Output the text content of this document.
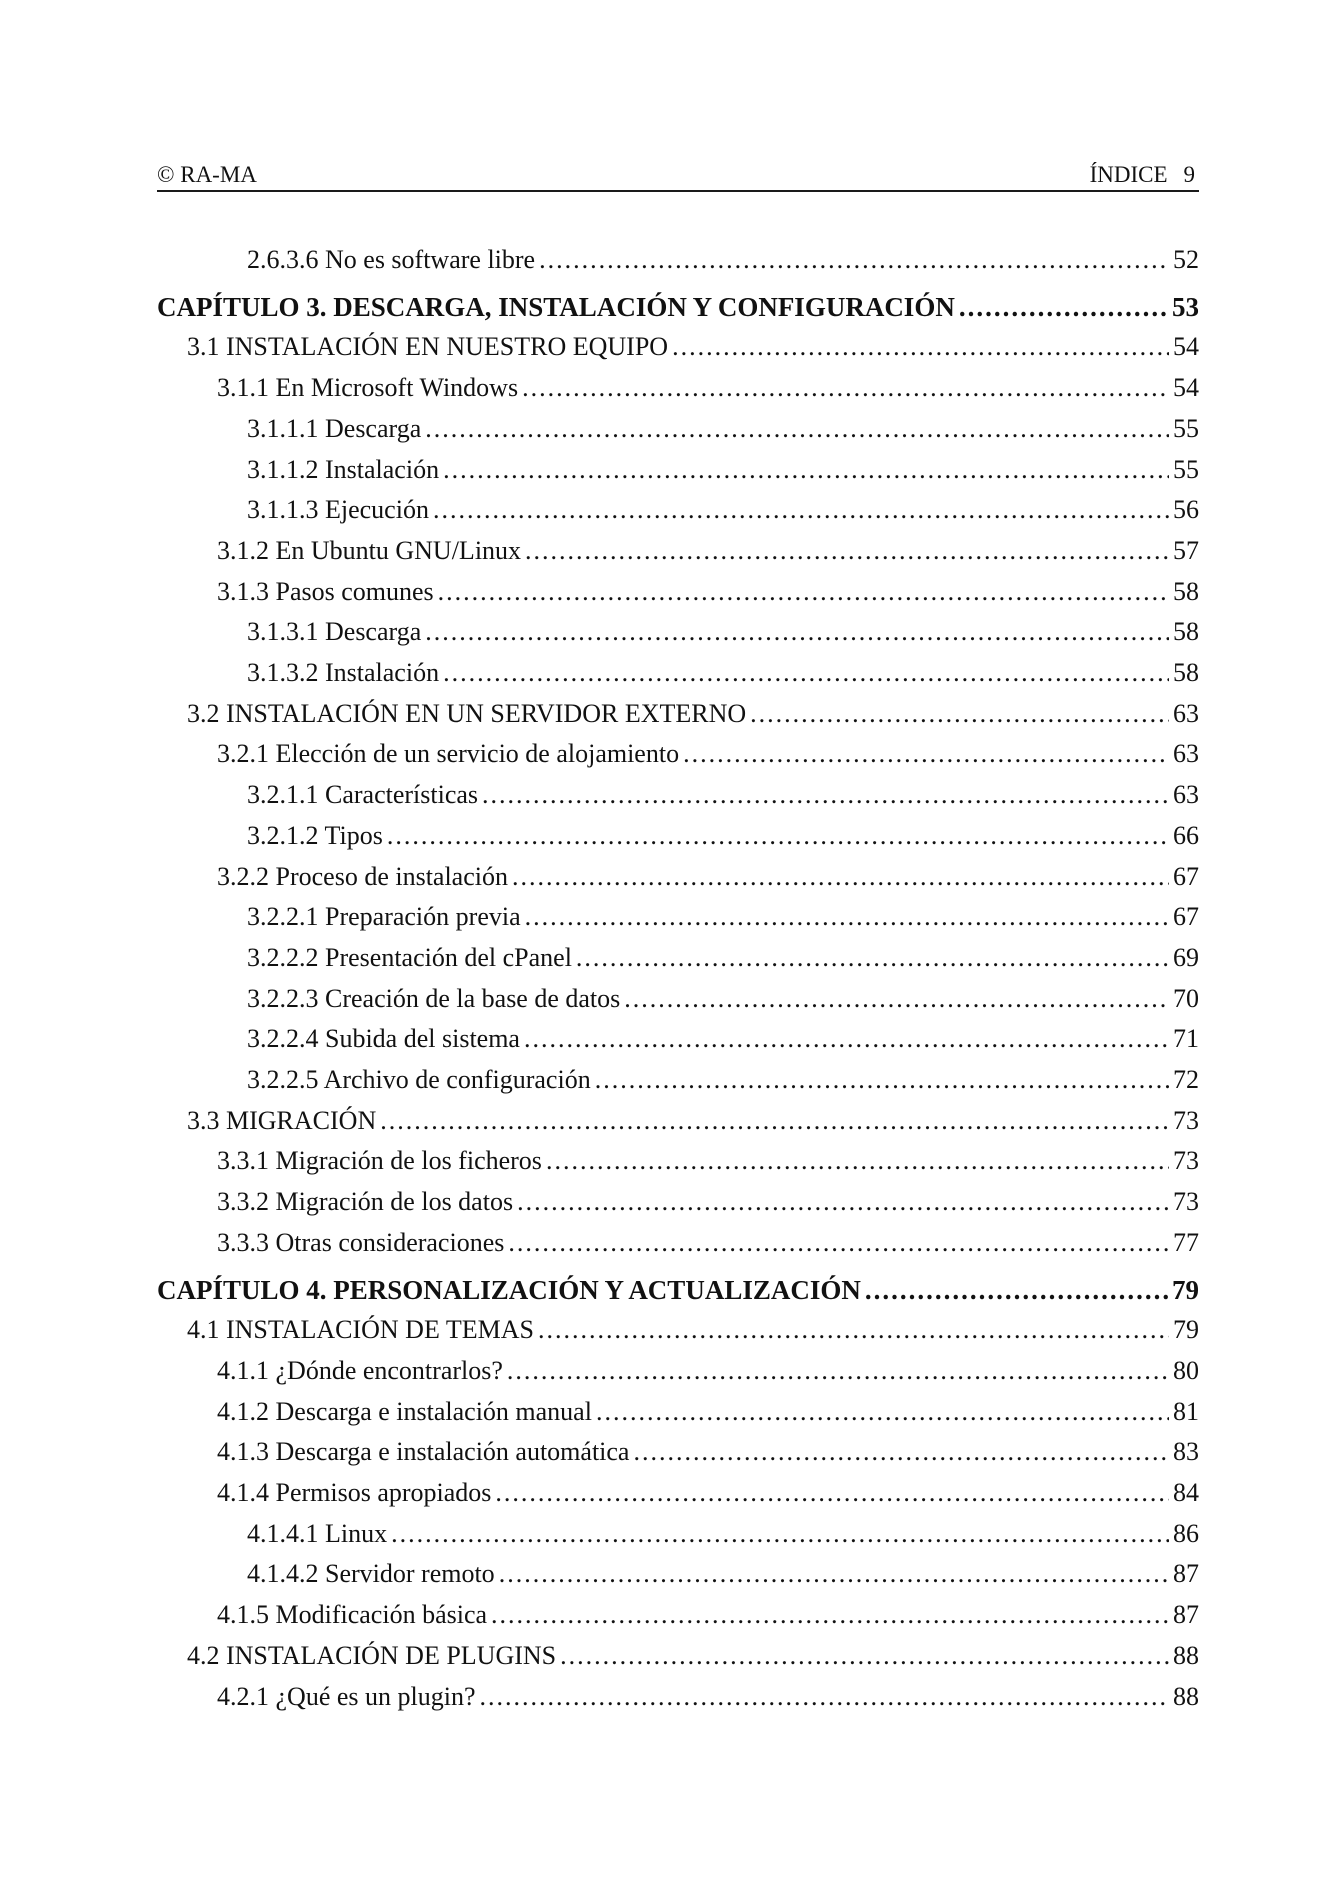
© RA-MA	ÍNDICE 9
2.6.3.6 No es software libre .....	52
CAPÍTULO 3. DESCARGA, INSTALACIÓN Y CONFIGURACIÓN .....	53
3.1 INSTALACIÓN EN NUESTRO EQUIPO .....	54
3.1.1 En Microsoft Windows .....	54
3.1.1.1 Descarga .....	55
3.1.1.2 Instalación .....	55
3.1.1.3 Ejecución .....	56
3.1.2 En Ubuntu GNU/Linux .....	57
3.1.3 Pasos comunes .....	58
3.1.3.1 Descarga .....	58
3.1.3.2 Instalación .....	58
3.2 INSTALACIÓN EN UN SERVIDOR EXTERNO .....	63
3.2.1 Elección de un servicio de alojamiento .....	63
3.2.1.1 Características .....	63
3.2.1.2 Tipos .....	66
3.2.2 Proceso de instalación .....	67
3.2.2.1 Preparación previa .....	67
3.2.2.2 Presentación del cPanel .....	69
3.2.2.3 Creación de la base de datos .....	70
3.2.2.4 Subida del sistema .....	71
3.2.2.5 Archivo de configuración .....	72
3.3 MIGRACIÓN .....	73
3.3.1 Migración de los ficheros .....	73
3.3.2 Migración de los datos .....	73
3.3.3 Otras consideraciones .....	77
CAPÍTULO 4. PERSONALIZACIÓN Y ACTUALIZACIÓN .....	79
4.1 INSTALACIÓN DE TEMAS .....	79
4.1.1 ¿Dónde encontrarlos? .....	80
4.1.2 Descarga e instalación manual .....	81
4.1.3 Descarga e instalación automática .....	83
4.1.4 Permisos apropiados .....	84
4.1.4.1 Linux .....	86
4.1.4.2 Servidor remoto .....	87
4.1.5 Modificación básica .....	87
4.2 INSTALACIÓN DE PLUGINS .....	88
4.2.1 ¿Qué es un plugin? .....	88
